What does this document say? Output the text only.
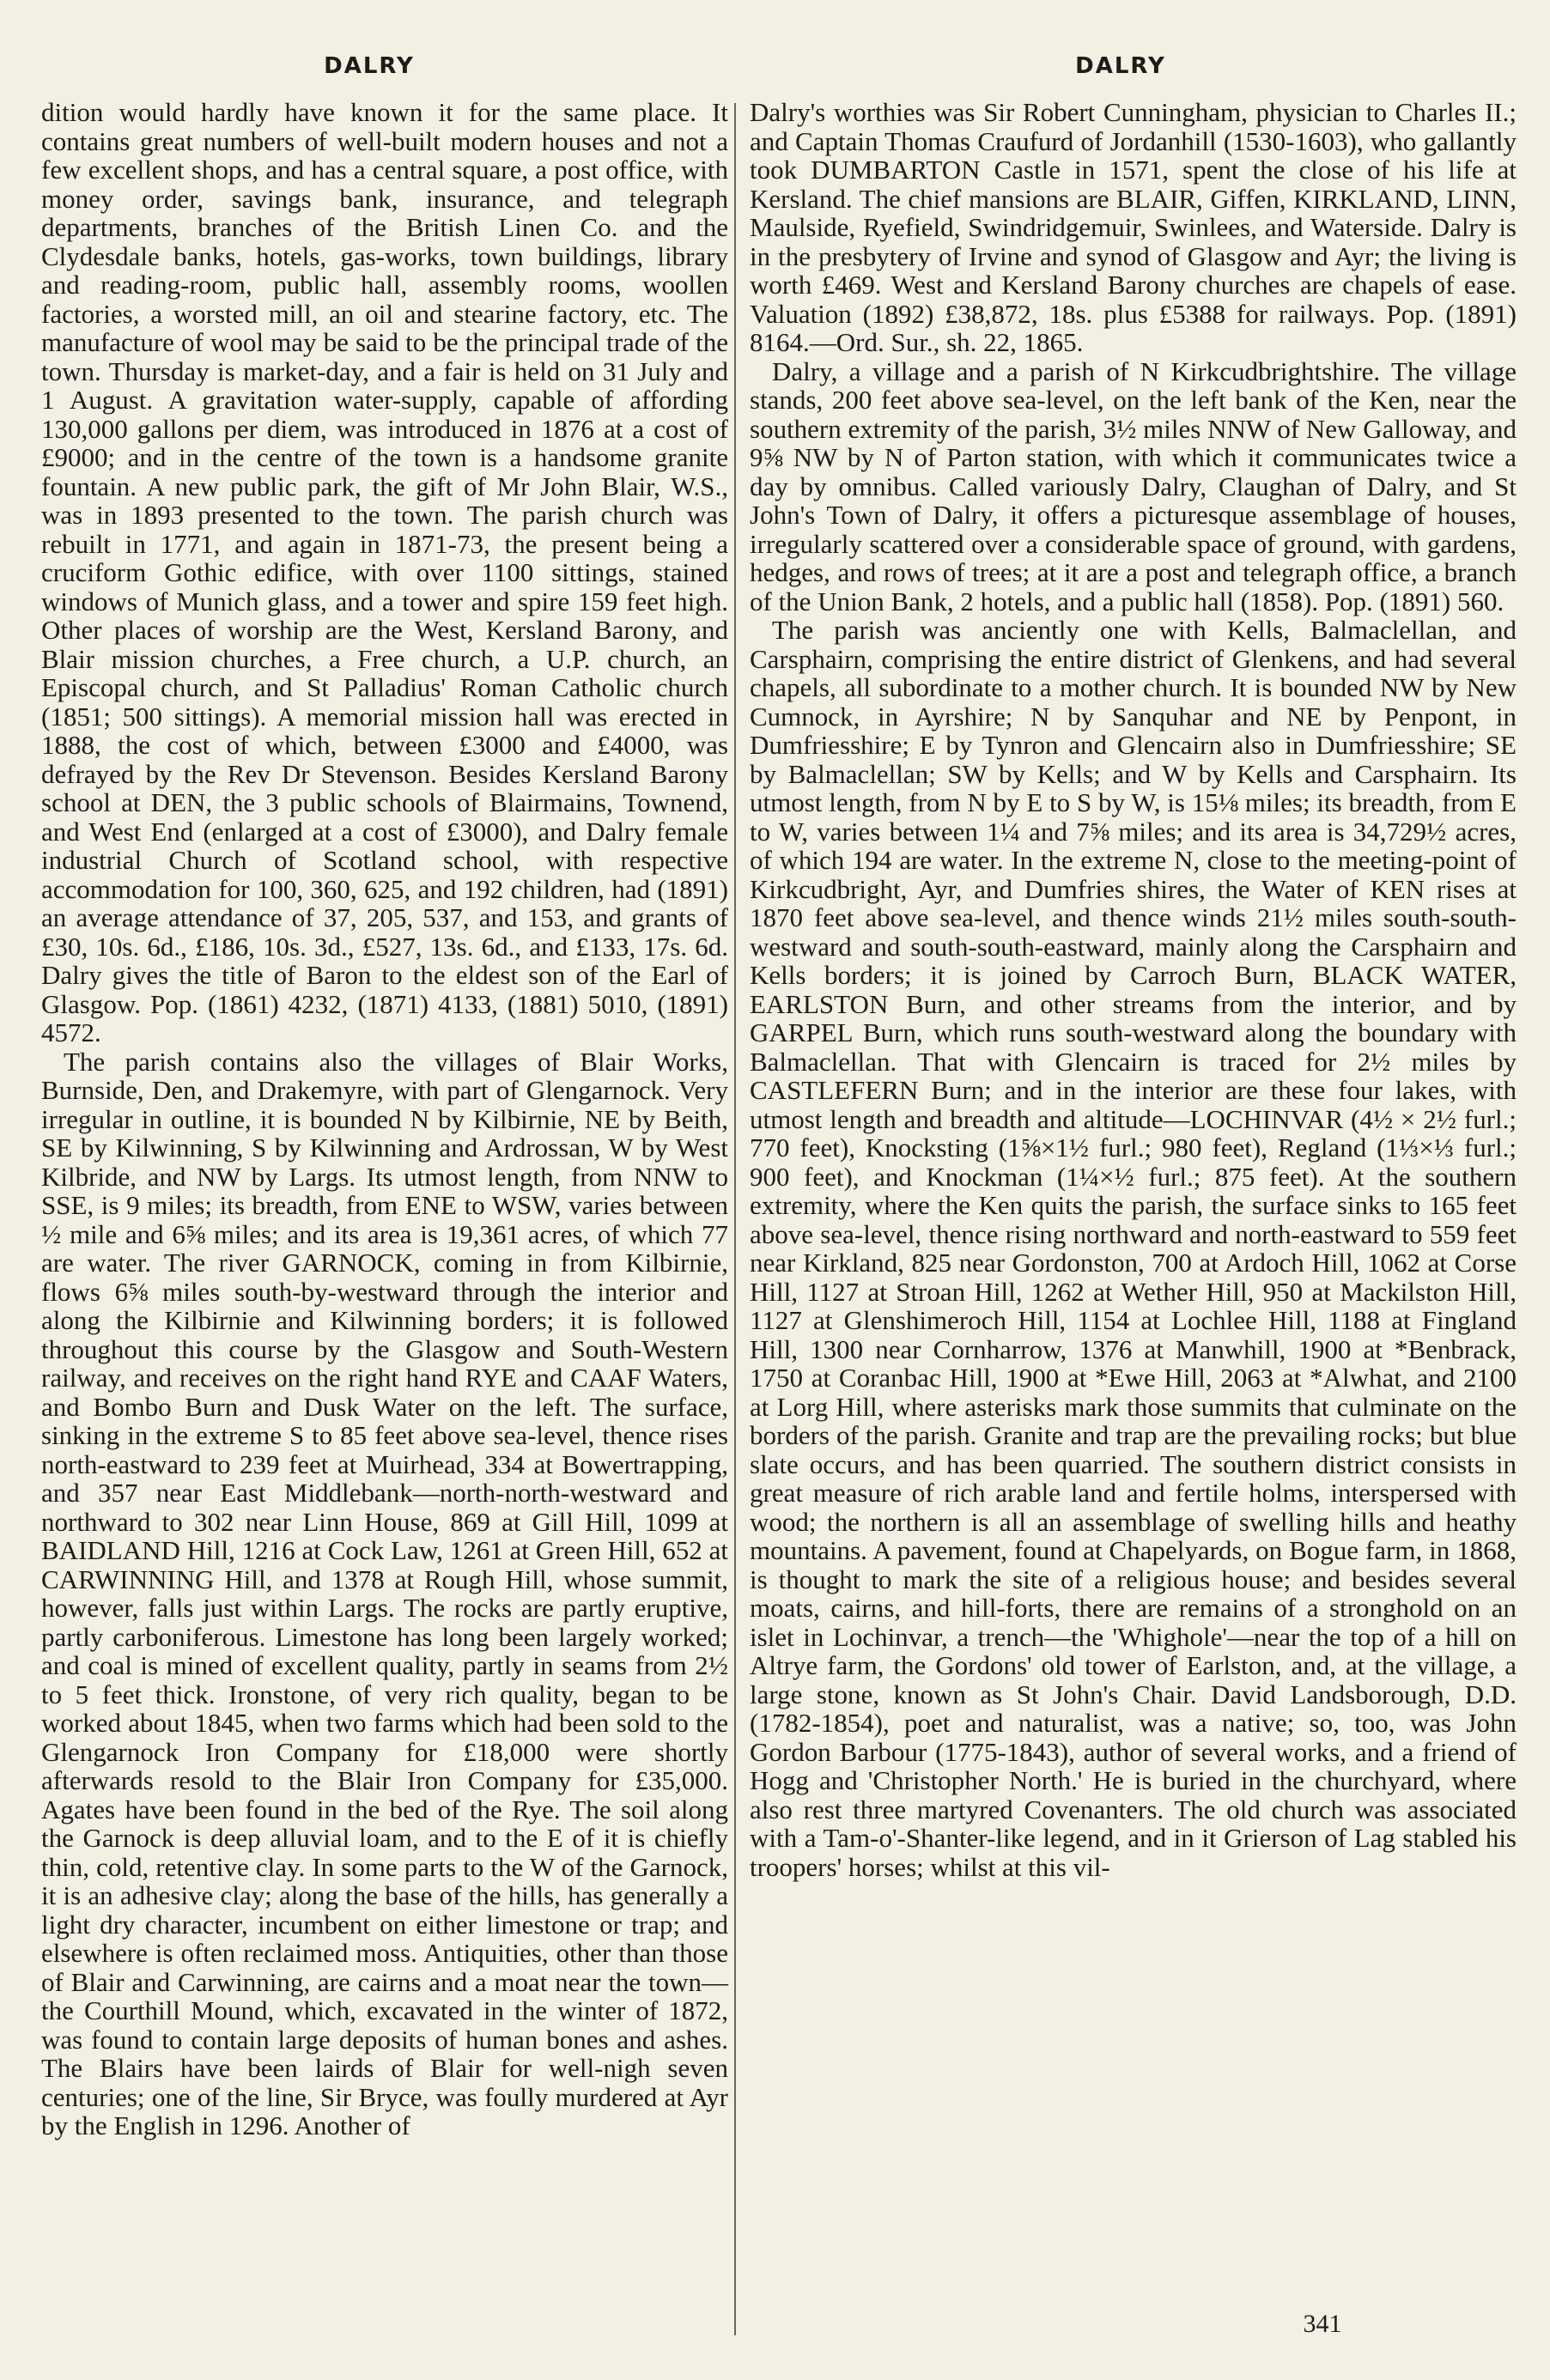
DALRY	DALRY

dition would hardly have known it for the same place. It contains great numbers of well-built modern houses and not a few excellent shops, and has a central square, a post office, with money order, savings bank, insurance, and telegraph departments, branches of the British Linen Co. and the Clydesdale banks, hotels, gas-works, town buildings, library and reading-room, public hall, assembly rooms, woollen factories, a worsted mill, an oil and stearine factory, etc. The manufacture of wool may be said to be the principal trade of the town. Thursday is market-day, and a fair is held on 31 July and 1 August. A gravitation water-supply, capable of affording 130,000 gallons per diem, was introduced in 1876 at a cost of £9000; and in the centre of the town is a handsome granite fountain. A new public park, the gift of Mr John Blair, W.S., was in 1893 presented to the town. The parish church was rebuilt in 1771, and again in 1871-73, the present being a cruciform Gothic edifice, with over 1100 sittings, stained windows of Munich glass, and a tower and spire 159 feet high. Other places of worship are the West, Kersland Barony, and Blair mission churches, a Free church, a U.P. church, an Episcopal church, and St Palladius' Roman Catholic church (1851; 500 sittings). A memorial mission hall was erected in 1888, the cost of which, between £3000 and £4000, was defrayed by the Rev Dr Stevenson. Besides Kersland Barony school at DEN, the 3 public schools of Blairmains, Townend, and West End (enlarged at a cost of £3000), and Dalry female industrial Church of Scotland school, with respective accommodation for 100, 360, 625, and 192 children, had (1891) an average attendance of 37, 205, 537, and 153, and grants of £30, 10s. 6d., £186, 10s. 3d., £527, 13s. 6d., and £133, 17s. 6d. Dalry gives the title of Baron to the eldest son of the Earl of Glasgow. Pop. (1861) 4232, (1871) 4133, (1881) 5010, (1891) 4572.

The parish contains also the villages of Blair Works, Burnside, Den, and Drakemyre, with part of Glengarnock. Very irregular in outline, it is bounded N by Kilbirnie, NE by Beith, SE by Kilwinning, S by Kilwinning and Ardrossan, W by West Kilbride, and NW by Largs. Its utmost length, from NNW to SSE, is 9 miles; its breadth, from ENE to WSW, varies between ½ mile and 6⅝ miles; and its area is 19,361 acres, of which 77 are water. The river GARNOCK, coming in from Kilbirnie, flows 6⅝ miles south-by-westward through the interior and along the Kilbirnie and Kilwinning borders; it is followed throughout this course by the Glasgow and South-Western railway, and receives on the right hand RYE and CAAF Waters, and Bombo Burn and Dusk Water on the left. The surface, sinking in the extreme S to 85 feet above sea-level, thence rises north-eastward to 239 feet at Muirhead, 334 at Bowertrapping, and 357 near East Middlebank—north-north-westward and northward to 302 near Linn House, 869 at Gill Hill, 1099 at BAIDLAND Hill, 1216 at Cock Law, 1261 at Green Hill, 652 at CARWINNING Hill, and 1378 at Rough Hill, whose summit, however, falls just within Largs. The rocks are partly eruptive, partly carboniferous. Limestone has long been largely worked; and coal is mined of excellent quality, partly in seams from 2½ to 5 feet thick. Ironstone, of very rich quality, began to be worked about 1845, when two farms which had been sold to the Glengarnock Iron Company for £18,000 were shortly afterwards resold to the Blair Iron Company for £35,000. Agates have been found in the bed of the Rye. The soil along the Garnock is deep alluvial loam, and to the E of it is chiefly thin, cold, retentive clay. In some parts to the W of the Garnock, it is an adhesive clay; along the base of the hills, has generally a light dry character, incumbent on either limestone or trap; and elsewhere is often reclaimed moss. Antiquities, other than those of Blair and Carwinning, are cairns and a moat near the town—the Courthill Mound, which, excavated in the winter of 1872, was found to contain large deposits of human bones and ashes. The Blairs have been lairds of Blair for well-nigh seven centuries; one of the line, Sir Bryce, was foully murdered at Ayr by the English in 1296. Another of

Dalry's worthies was Sir Robert Cunningham, physician to Charles II.; and Captain Thomas Craufurd of Jordanhill (1530-1603), who gallantly took DUMBARTON Castle in 1571, spent the close of his life at Kersland. The chief mansions are BLAIR, Giffen, KIRKLAND, LINN, Maulside, Ryefield, Swindridgemuir, Swinlees, and Waterside. Dalry is in the presbytery of Irvine and synod of Glasgow and Ayr; the living is worth £469. West and Kersland Barony churches are chapels of ease. Valuation (1892) £38,872, 18s. plus £5388 for railways. Pop. (1891) 8164.—Ord. Sur., sh. 22, 1865.

Dalry, a village and a parish of N Kirkcudbrightshire. The village stands, 200 feet above sea-level, on the left bank of the Ken, near the southern extremity of the parish, 3½ miles NNW of New Galloway, and 9⅝ NW by N of Parton station, with which it communicates twice a day by omnibus. Called variously Dalry, Claughan of Dalry, and St John's Town of Dalry, it offers a picturesque assemblage of houses, irregularly scattered over a considerable space of ground, with gardens, hedges, and rows of trees; at it are a post and telegraph office, a branch of the Union Bank, 2 hotels, and a public hall (1858). Pop. (1891) 560.

The parish was anciently one with Kells, Balmaclellan, and Carsphairn, comprising the entire district of Glenkens, and had several chapels, all subordinate to a mother church. It is bounded NW by New Cumnock, in Ayrshire; N by Sanquhar and NE by Penpont, in Dumfriesshire; E by Tynron and Glencairn also in Dumfriesshire; SE by Balmaclellan; SW by Kells; and W by Kells and Carsphairn. Its utmost length, from N by E to S by W, is 15⅛ miles; its breadth, from E to W, varies between 1¼ and 7⅝ miles; and its area is 34,729½ acres, of which 194 are water. In the extreme N, close to the meeting-point of Kirkcudbright, Ayr, and Dumfries shires, the Water of KEN rises at 1870 feet above sea-level, and thence winds 21½ miles south-south-westward and south-south-eastward, mainly along the Carsphairn and Kells borders; it is joined by Carroch Burn, BLACK WATER, EARLSTON Burn, and other streams from the interior, and by GARPEL Burn, which runs south-westward along the boundary with Balmaclellan. That with Glencairn is traced for 2½ miles by CASTLEFERN Burn; and in the interior are these four lakes, with utmost length and breadth and altitude—LOCHINVAR (4½ × 2½ furl.; 770 feet), Knocksting (1⅝×1½ furl.; 980 feet), Regland (1⅓×⅓ furl.; 900 feet), and Knockman (1¼×½ furl.; 875 feet). At the southern extremity, where the Ken quits the parish, the surface sinks to 165 feet above sea-level, thence rising northward and north-eastward to 559 feet near Kirkland, 825 near Gordonston, 700 at Ardoch Hill, 1062 at Corse Hill, 1127 at Stroan Hill, 1262 at Wether Hill, 950 at Mackilston Hill, 1127 at Glenshimeroch Hill, 1154 at Lochlee Hill, 1188 at Fingland Hill, 1300 near Cornharrow, 1376 at Manwhill, 1900 at *Benbrack, 1750 at Coranbac Hill, 1900 at *Ewe Hill, 2063 at *Alwhat, and 2100 at Lorg Hill, where asterisks mark those summits that culminate on the borders of the parish. Granite and trap are the prevailing rocks; but blue slate occurs, and has been quarried. The southern district consists in great measure of rich arable land and fertile holms, interspersed with wood; the northern is all an assemblage of swelling hills and heathy mountains. A pavement, found at Chapelyards, on Bogue farm, in 1868, is thought to mark the site of a religious house; and besides several moats, cairns, and hill-forts, there are remains of a stronghold on an islet in Lochinvar, a trench—the 'Whighole'—near the top of a hill on Altrye farm, the Gordons' old tower of Earlston, and, at the village, a large stone, known as St John's Chair. David Landsborough, D.D. (1782-1854), poet and naturalist, was a native; so, too, was John Gordon Barbour (1775-1843), author of several works, and a friend of Hogg and 'Christopher North.' He is buried in the churchyard, where also rest three martyred Covenanters. The old church was associated with a Tam-o'-Shanter-like legend, and in it Grierson of Lag stabled his troopers' horses; whilst at this vil-

341
